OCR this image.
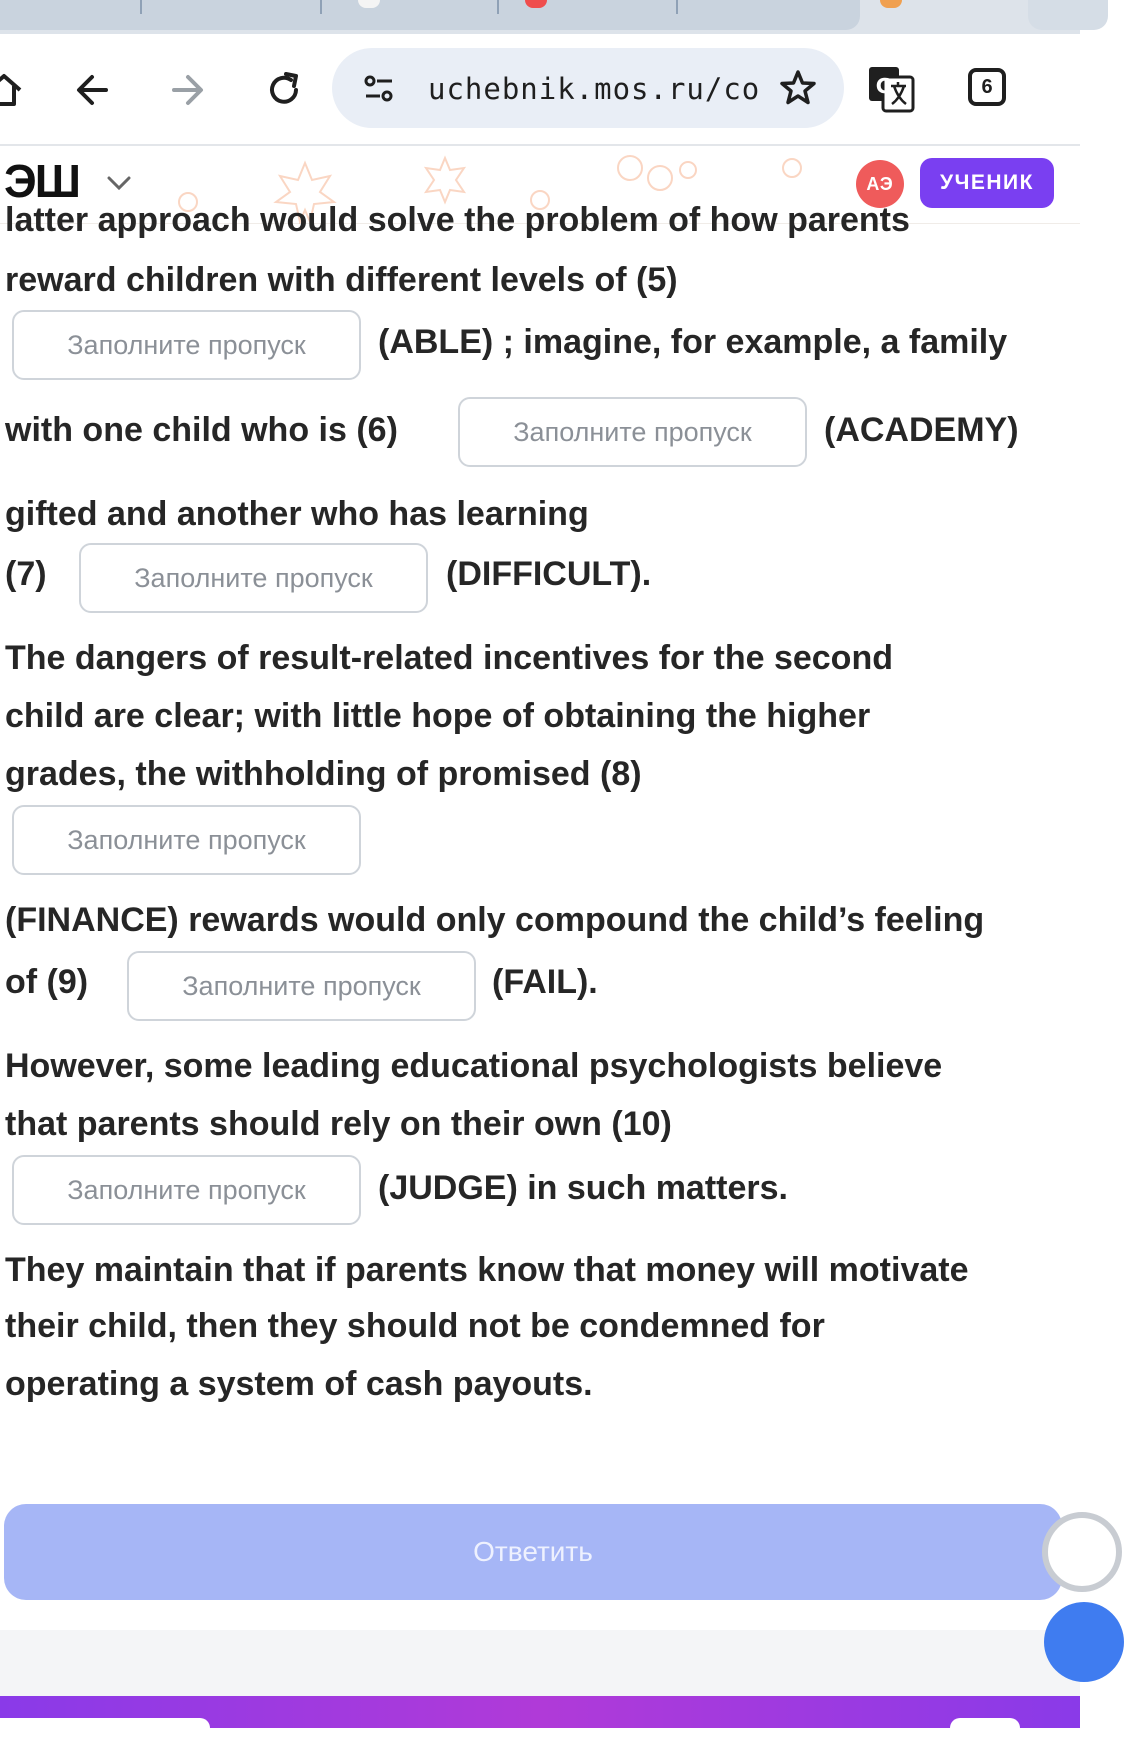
uchebnik.mos.ru/co	G	6
ЭШ	АЭ	УЧЕНИК
latter approach would solve the problem of how parents
reward children with different levels of (5)
Заполните пропуск	(ABLE) ; imagine, for example, a family
with one child who is (6)	Заполните пропуск	(ACADEMY)
gifted and another who has learning
(7)	Заполните пропуск	(DIFFICULT).
The dangers of result-related incentives for the second
child are clear; with little hope of obtaining the higher
grades, the withholding of promised (8)
Заполните пропуск
(FINANCE) rewards would only compound the child’s feeling
of (9)	Заполните пропуск	(FAIL).
However, some leading educational psychologists believe
that parents should rely on their own (10)
Заполните пропуск	(JUDGE) in such matters.
They maintain that if parents know that money will motivate
their child, then they should not be condemned for
operating a system of cash payouts.
Ответить
